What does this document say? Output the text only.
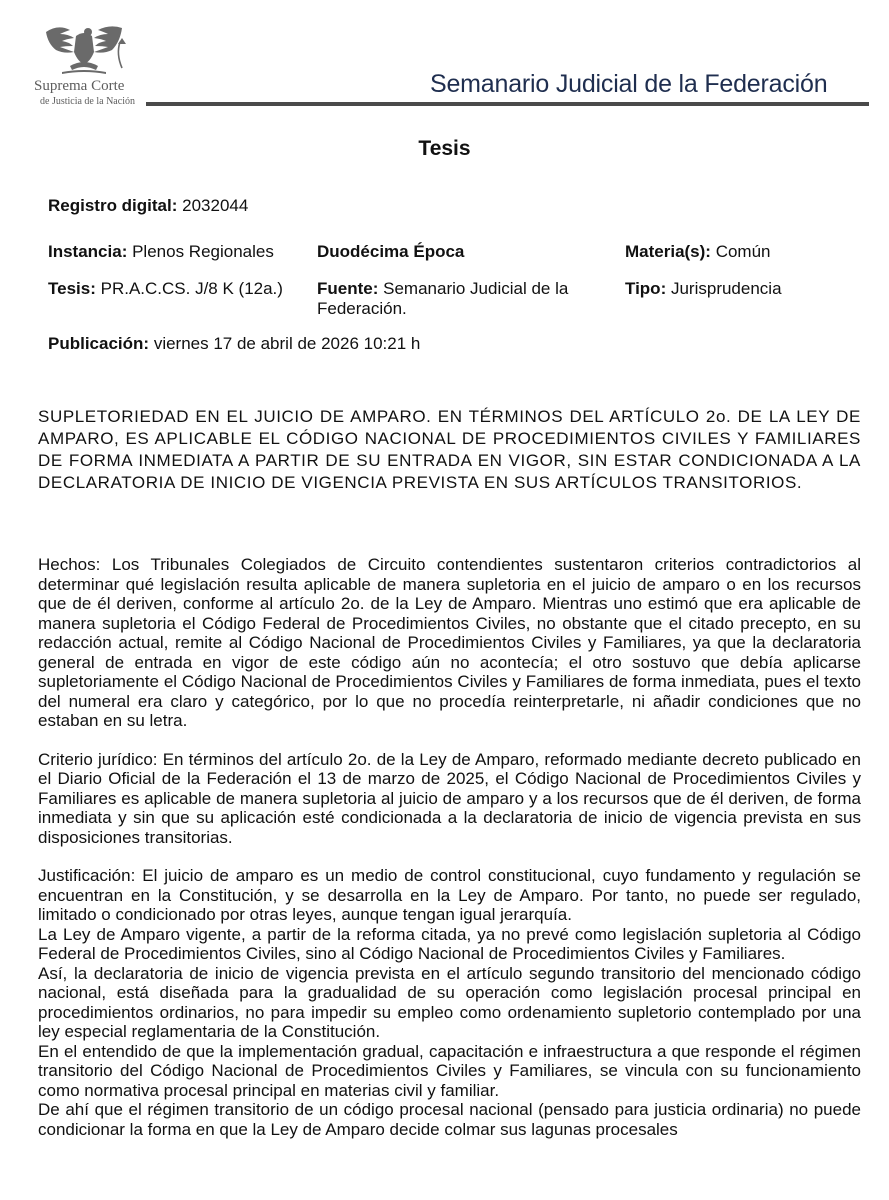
Suprema Corte
de Justicia de la Nación
Semanario Judicial de la Federación
Tesis
Registro digital: 2032044
Instancia: Plenos Regionales	Duodécima Época	Materia(s): Común
Tesis: PR.A.C.CS. J/8 K (12a.) Fuente: Semanario Judicial de la Federación.
Tipo: Jurisprudencia
Publicación: viernes 17 de abril de 2026 10:21 h
SUPLETORIEDAD EN EL JUICIO DE AMPARO. EN TÉRMINOS DEL ARTÍCULO 2o. DE LA LEY DE AMPARO, ES APLICABLE EL CÓDIGO NACIONAL DE PROCEDIMIENTOS CIVILES Y FAMILIARES DE FORMA INMEDIATA A PARTIR DE SU ENTRADA EN VIGOR, SIN ESTAR CONDICIONADA A LA DECLARATORIA DE INICIO DE VIGENCIA PREVISTA EN SUS ARTÍCULOS TRANSITORIOS.

Hechos: Los Tribunales Colegiados de Circuito contendientes sustentaron criterios contradictorios al determinar qué legislación resulta aplicable de manera supletoria en el juicio de amparo o en los recursos que de él deriven, conforme al artículo 2o. de la Ley de Amparo. Mientras uno estimó que era aplicable de manera supletoria el Código Federal de Procedimientos Civiles, no obstante que el citado precepto, en su redacción actual, remite al Código Nacional de Procedimientos Civiles y Familiares, ya que la declaratoria general de entrada en vigor de este código aún no acontecía; el otro sostuvo que debía aplicarse supletoriamente el Código Nacional de Procedimientos Civiles y Familiares de forma inmediata, pues el texto del numeral era claro y categórico, por lo que no procedía reinterpretarle, ni añadir condiciones que no estaban en su letra.

Criterio jurídico: En términos del artículo 2o. de la Ley de Amparo, reformado mediante decreto publicado en el Diario Oficial de la Federación el 13 de marzo de 2025, el Código Nacional de Procedimientos Civiles y Familiares es aplicable de manera supletoria al juicio de amparo y a los recursos que de él deriven, de forma inmediata y sin que su aplicación esté condicionada a la declaratoria de inicio de vigencia prevista en sus disposiciones transitorias.

Justificación: El juicio de amparo es un medio de control constitucional, cuyo fundamento y regulación se encuentran en la Constitución, y se desarrolla en la Ley de Amparo. Por tanto, no puede ser regulado, limitado o condicionado por otras leyes, aunque tengan igual jerarquía.

La Ley de Amparo vigente, a partir de la reforma citada, ya no prevé como legislación supletoria al Código Federal de Procedimientos Civiles, sino al Código Nacional de Procedimientos Civiles y Familiares.

Así, la declaratoria de inicio de vigencia prevista en el artículo segundo transitorio del mencionado código nacional, está diseñada para la gradualidad de su operación como legislación procesal principal en procedimientos ordinarios, no para impedir su empleo como ordenamiento supletorio contemplado por una ley especial reglamentaria de la Constitución.

En el entendido de que la implementación gradual, capacitación e infraestructura a que responde el régimen transitorio del Código Nacional de Procedimientos Civiles y Familiares, se vincula con su funcionamiento como normativa procesal principal en materias civil y familiar.

De ahí que el régimen transitorio de un código procesal nacional (pensado para justicia ordinaria) no puede condicionar la forma en que la Ley de Amparo decide colmar sus lagunas procesales
